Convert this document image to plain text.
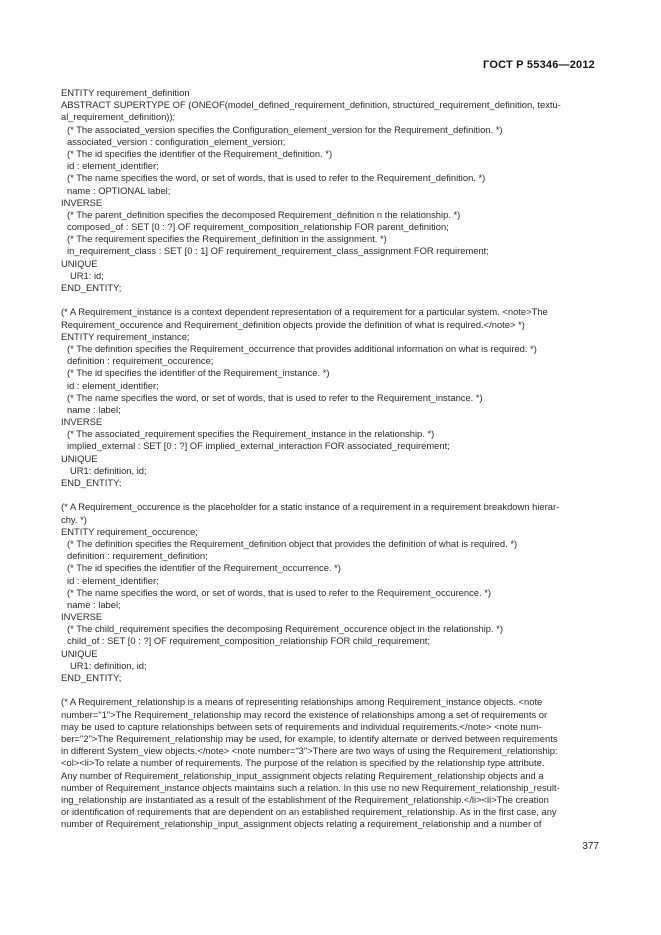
ГОСТ Р 55346—2012
ENTITY requirement_definition
ABSTRACT SUPERTYPE OF (ONEOF(model_defined_requirement_definition, structured_requirement_definition, textu-
al_requirement_definition));
(* The associated_version specifies the Configuration_element_version for the Requirement_definition. *)
associated_version : configuration_element_version;
(* The id specifies the identifier of the Requirement_definition. *)
id : element_identifier;
(* The name specifies the word, or set of words, that is used to refer to the Requirement_definition. *)
name : OPTIONAL label;
INVERSE
(* The parent_definition specifies the decomposed Requirement_definition n the relationship. *)
composed_of : SET [0 : ?] OF requirement_composition_relationship FOR parent_definition;
(* The requirement specifies the Requirement_definition in the assignment. *)
in_requirement_class : SET [0 : 1] OF requirement_requirement_class_assignment FOR requirement;
UNIQUE
UR1: id;
END_ENTITY;
(* A Requirement_instance is a context dependent representation of a requirement for a particular system. <note>The
Requirement_occurence and Requirement_definition objects provide the definition of what is required.</note> *)
ENTITY requirement_instance;
(* The definition specifies the Requirement_occurrence that provides additional information on what is required. *)
definition : requirement_occurence;
(* The id specifies the identifier of the Requirement_instance. *)
id : element_identifier;
(* The name specifies the word, or set of words, that is used to refer to the Requirement_instance. *)
name : label;
INVERSE
(* The associated_requirement specifies the Requirement_instance in the relationship. *)
implied_external : SET [0 : ?] OF implied_external_interaction FOR associated_requirement;
UNIQUE
UR1: definition, id;
END_ENTITY;
(* A Requirement_occurence is the placeholder for a static instance of a requirement in a requirement breakdown hierar-
chy. *)
ENTITY requirement_occurence;
(* The definition specifies the Requirement_definition object that provides the definition of what is required. *)
definition : requirement_definition;
(* The id specifies the identifier of the Requirement_occurrence. *)
id : element_identifier;
(* The name specifies the word, or set of words, that is used to refer to the Requirement_occurence. *)
name : label;
INVERSE
(* The child_requirement specifies the decomposing Requirement_occurence object in the relationship. *)
child_of : SET [0 : ?] OF requirement_composition_relationship FOR child_requirement;
UNIQUE
UR1: definition, id;
END_ENTITY;
(* A Requirement_relationship is a means of representing relationships among Requirement_instance objects. <note
number="1">The Requirement_relationship may record the existence of relationships among a set of requirements or
may be used to capture relationships between sets of requirements and individual requirements.</note> <note num-
ber="2">The Requirement_relationship may be used, for example, to identify alternate or derived between requirements
in different System_view objects.</note> <note number="3">There are two ways of using the Requirement_relationship:
<ol><li>To relate a number of requirements. The purpose of the relation is specified by the relationship type attribute.
Any number of Requirement_relationship_input_assignment objects relating Requirement_relationship objects and a
number of Requirement_instance objects maintains such a relation. In this use no new Requirement_relationship_result-
ing_relationship are instantiated as a result of the establishment of the Requirement_relationship.</li><li>The creation
or identification of requirements that are dependent on an established requirement_relationship. As in the first case, any
number of Requirement_relationship_input_assignment objects relating a requirement_relationship and a number of
377
